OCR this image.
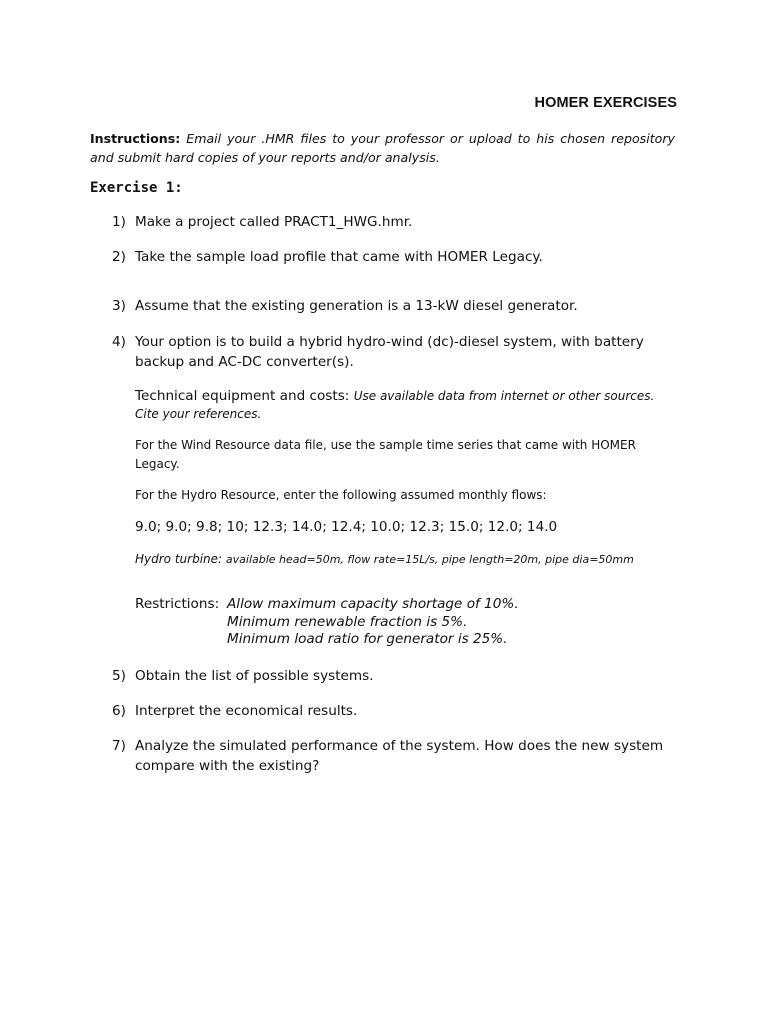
HOMER EXERCISES
Instructions: Email your .HMR files to your professor or upload to his chosen repository and submit hard copies of your reports and/or analysis.
Exercise 1:
1) Make a project called PRACT1_HWG.hmr.
2) Take the sample load profile that came with HOMER Legacy.
3) Assume that the existing generation is a 13-kW diesel generator.
4) Your option is to build a hybrid hydro-wind (dc)-diesel system, with battery backup and AC-DC converter(s).
Technical equipment and costs: Use available data from internet or other sources. Cite your references.
For the Wind Resource data file, use the sample time series that came with HOMER Legacy.
For the Hydro Resource, enter the following assumed monthly flows:
9.0; 9.0; 9.8; 10; 12.3; 14.0; 12.4; 10.0; 12.3; 15.0; 12.0; 14.0
Hydro turbine: available head=50m, flow rate=15L/s, pipe length=20m, pipe dia=50mm
Restrictions: Allow maximum capacity shortage of 10%.
Minimum renewable fraction is 5%.
Minimum load ratio for generator is 25%.
5) Obtain the list of possible systems.
6) Interpret the economical results.
7) Analyze the simulated performance of the system. How does the new system compare with the existing?
